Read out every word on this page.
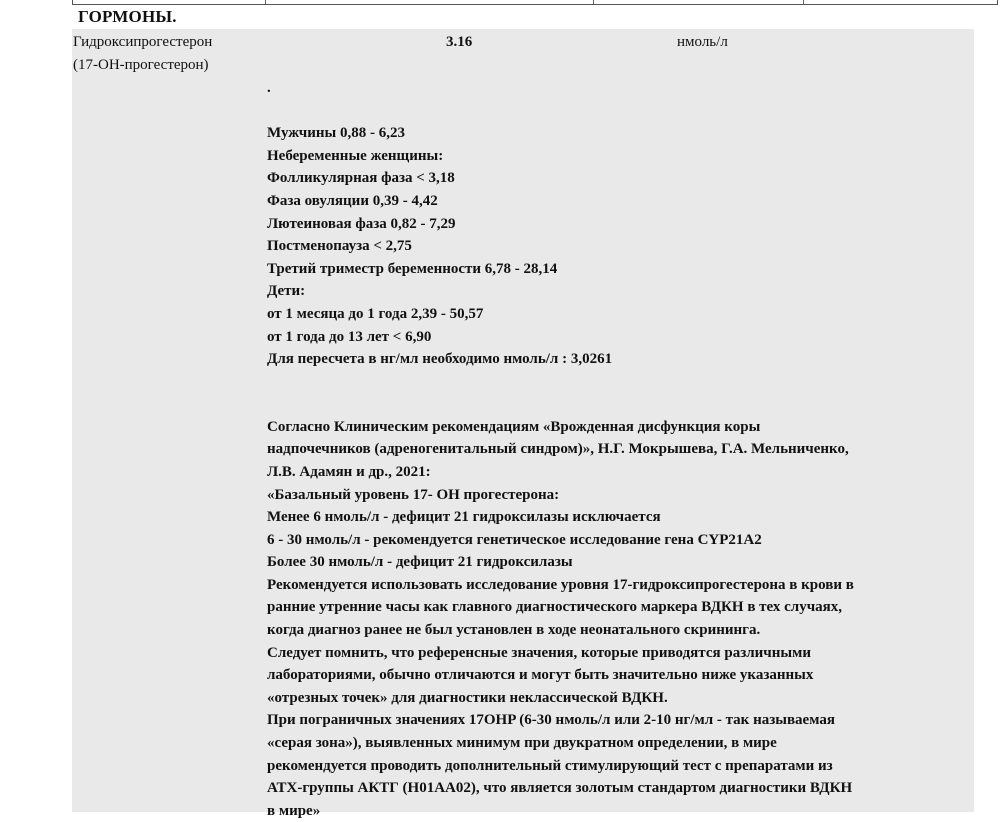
ГОРМОНЫ.
Гидроксипрогестерон
(17-ОН-прогестерон)
3.16	нмоль/л
.
Мужчины 0,88 - 6,23
Небеременные женщины:
Фолликулярная фаза < 3,18
Фаза овуляции 0,39 - 4,42
Лютеиновая фаза 0,82 - 7,29
Постменопауза < 2,75
Третий триместр беременности 6,78 - 28,14
Дети:
от 1 месяца до 1 года 2,39 - 50,57
от 1 года до 13 лет < 6,90
Для пересчета в нг/мл необходимо нмоль/л : 3,0261
Согласно Клиническим рекомендациям «Врожденная дисфункция коры
надпочечников (адреногенитальный синдром)», Н.Г. Мокрышева, Г.А. Мельниченко,
Л.В. Адамян и др., 2021:
«Базальный уровень 17- ОН прогестерона:
Менее 6 нмоль/л - дефицит 21 гидроксилазы исключается
6 - 30 нмоль/л - рекомендуется генетическое исследование гена CYP21A2
Более 30 нмоль/л - дефицит 21 гидроксилазы
Рекомендуется использовать исследование уровня 17-гидроксипрогестерона в крови в
ранние утренние часы как главного диагностического маркера ВДКН в тех случаях,
когда диагноз ранее не был установлен в ходе неонатального скрининга.
Следует помнить, что референсные значения, которые приводятся различными
лабораториями, обычно отличаются и могут быть значительно ниже указанных
«отрезных точек» для диагностики неклассической ВДКН.
При пограничных значениях 17OHP (6-30 нмоль/л или 2-10 нг/мл - так называемая
«серая зона»), выявленных минимум при двукратном определении, в мире
рекомендуется проводить дополнительный стимулирующий тест с препаратами из
АТХ-группы АКТГ (H01AA02), что является золотым стандартом диагностики ВДКН
в мире»
